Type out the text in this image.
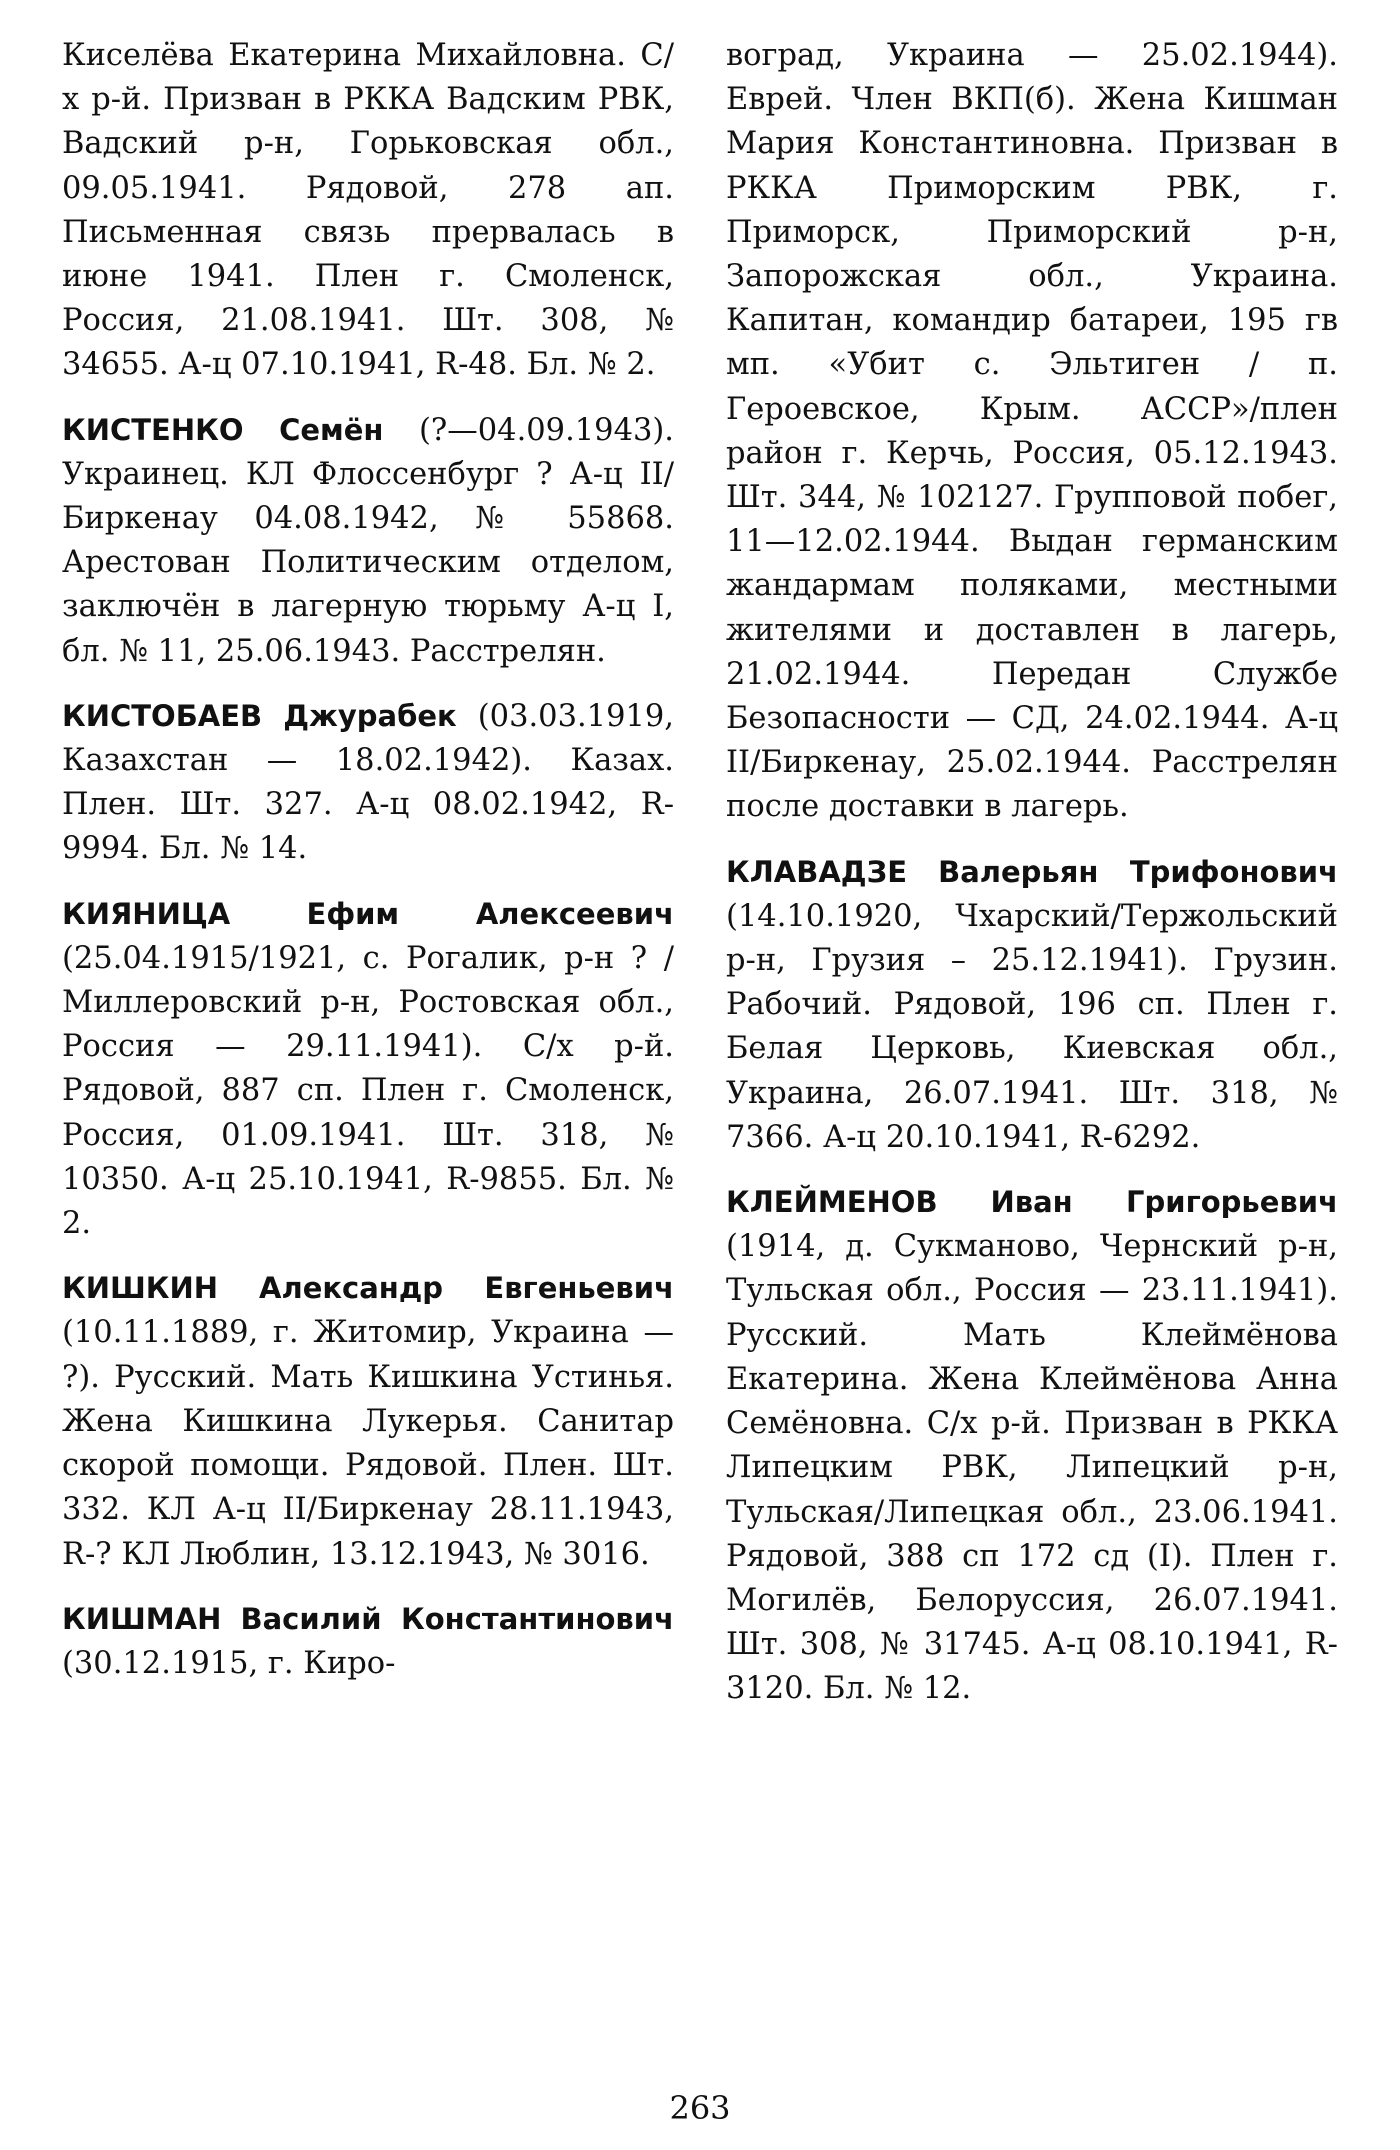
Киселёва Екатерина Михайловна. С/х р-й. Призван в РККА Вадским РВК, Вадский р-н, Горьковская обл., 09.05.1941. Рядовой, 278 ап. Письменная связь прервалась в июне 1941. Плен г. Смоленск, Россия, 21.08.1941. Шт. 308, № 34655. А-ц 07.10.1941, R-48. Бл. № 2.

КИСТЕНКО Семён (?—04.09.1943). Украинец. КЛ Флоссенбург ? А-ц II/Биркенау 04.08.1942, № 55868. Арестован Политическим отделом, заключён в лагерную тюрьму А-ц I, бл. № 11, 25.06.1943. Расстрелян.

КИСТОБАЕВ Джурабек (03.03.1919, Казахстан — 18.02.1942). Казах. Плен. Шт. 327. А-ц 08.02.1942, R-9994. Бл. № 14.

КИЯНИЦА	Ефим Алексеевич (25.04.1915/1921, с. Рогалик, р-н ? / Миллеровский р-н, Ростовская обл., Россия — 29.11.1941). С/х р-й. Рядовой, 887 сп. Плен г. Смоленск, Россия, 01.09.1941. Шт. 318, № 10350. А-ц 25.10.1941, R-9855. Бл. № 2.

КИШКИН Александр Евгеньевич (10.11.1889, г. Житомир, Украина — ?). Русский. Мать Кишкина Устинья. Жена Кишкина Лукерья. Санитар скорой помощи. Рядовой. Плен. Шт. 332. КЛ А-ц II/Биркенау 28.11.1943, R-? КЛ Люблин, 13.12.1943, № 3016.

КИШМАН Василий Константинович (30.12.1915, г. Киро-

воград, Украина — 25.02.1944). Еврей. Член ВКП(б). Жена Кишман Мария Константиновна. Призван в РККА Приморским РВК, г. Приморск, Приморский р-н, Запорожская обл., Украина. Капитан, командир батареи, 195 гв мп. «Убит с. Эльтиген / п. Героевское, Крым. АССР»/плен район г. Керчь, Россия, 05.12.1943. Шт. 344, № 102127. Групповой побег, 11—12.02.1944. Выдан германским жандармам поляками, местными жителями и доставлен в лагерь, 21.02.1944. Передан Службе Безопасности — СД, 24.02.1944. А-ц II/Биркенау, 25.02.1944. Расстрелян после доставки в лагерь.

КЛАВАДЗЕ Валерьян Трифонович (14.10.1920, Чхарский/Тержольский р-н, Грузия – 25.12.1941). Грузин. Рабочий. Рядовой, 196 сп. Плен г. Белая Церковь, Киевская обл., Украина, 26.07.1941. Шт. 318, № 7366. А-ц 20.10.1941, R-6292.

КЛЕЙМЕНОВ Иван Григорьевич (1914, д. Сукманово, Чернский р-н, Тульская обл., Россия — 23.11.1941). Русский. Мать Клеймёнова Екатерина. Жена Клеймёнова Анна Семёновна. С/х р-й. Призван в РККА Липецким РВК, Липецкий р-н, Тульская/Липецкая обл., 23.06.1941. Рядовой, 388 сп 172 сд (I). Плен г. Могилёв, Белоруссия, 26.07.1941. Шт. 308, № 31745. А-ц 08.10.1941, R-3120. Бл. № 12.

263
